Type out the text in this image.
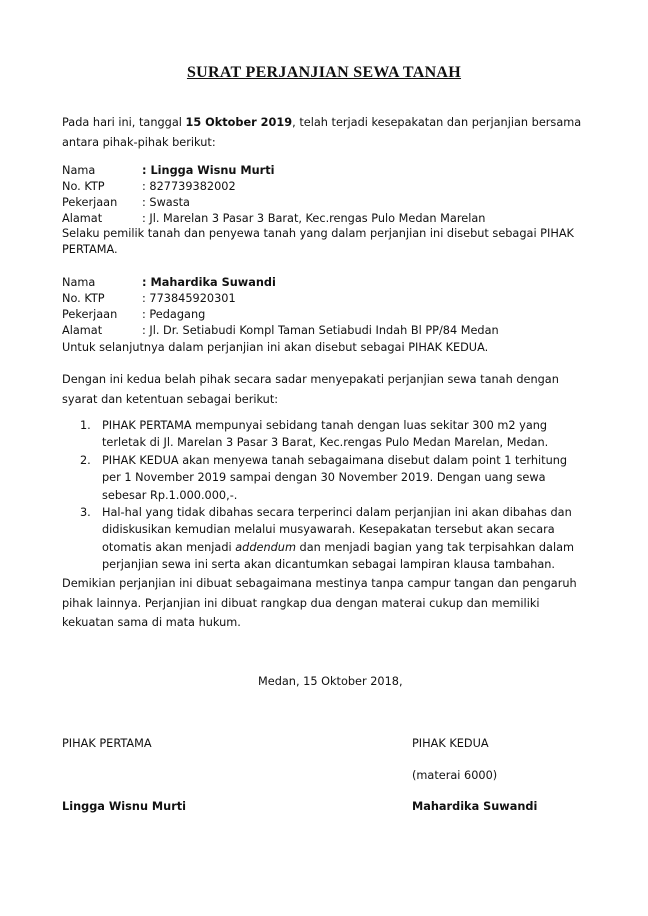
SURAT PERJANJIAN SEWA TANAH
Pada hari ini, tanggal 15 Oktober 2019, telah terjadi kesepakatan dan perjanjian bersama antara pihak-pihak berikut:
Nama	: Lingga Wisnu Murti
No. KTP	: 827739382002
Pekerjaan : Swasta
Alamat	: Jl. Marelan 3 Pasar 3 Barat, Kec.rengas Pulo Medan Marelan
Selaku pemilik tanah dan penyewa tanah yang dalam perjanjian ini disebut sebagai PIHAK PERTAMA.
Nama	: Mahardika Suwandi
No. KTP	: 773845920301
Pekerjaan : Pedagang
Alamat	: Jl. Dr. Setiabudi Kompl Taman Setiabudi Indah Bl PP/84 Medan
Untuk selanjutnya dalam perjanjian ini akan disebut sebagai PIHAK KEDUA.
Dengan ini kedua belah pihak secara sadar menyepakati perjanjian sewa tanah dengan syarat dan ketentuan sebagai berikut:
1. PIHAK PERTAMA mempunyai sebidang tanah dengan luas sekitar 300 m2 yang terletak di Jl. Marelan 3 Pasar 3 Barat, Kec.rengas Pulo Medan Marelan, Medan.
2. PIHAK KEDUA akan menyewa tanah sebagaimana disebut dalam point 1 terhitung per 1 November 2019 sampai dengan 30 November 2019. Dengan uang sewa sebesar Rp.1.000.000,-.
3. Hal-hal yang tidak dibahas secara terperinci dalam perjanjian ini akan dibahas dan didiskusikan kemudian melalui musyawarah. Kesepakatan tersebut akan secara otomatis akan menjadi addendum dan menjadi bagian yang tak terpisahkan dalam perjanjian sewa ini serta akan dicantumkan sebagai lampiran klausa tambahan.
Demikian perjanjian ini dibuat sebagaimana mestinya tanpa campur tangan dan pengaruh pihak lainnya. Perjanjian ini dibuat rangkap dua dengan materai cukup dan memiliki kekuatan sama di mata hukum.
Medan, 15 Oktober 2018,
PIHAK PERTAMA	PIHAK KEDUA
(materai 6000)
Lingga Wisnu Murti	Mahardika Suwandi
